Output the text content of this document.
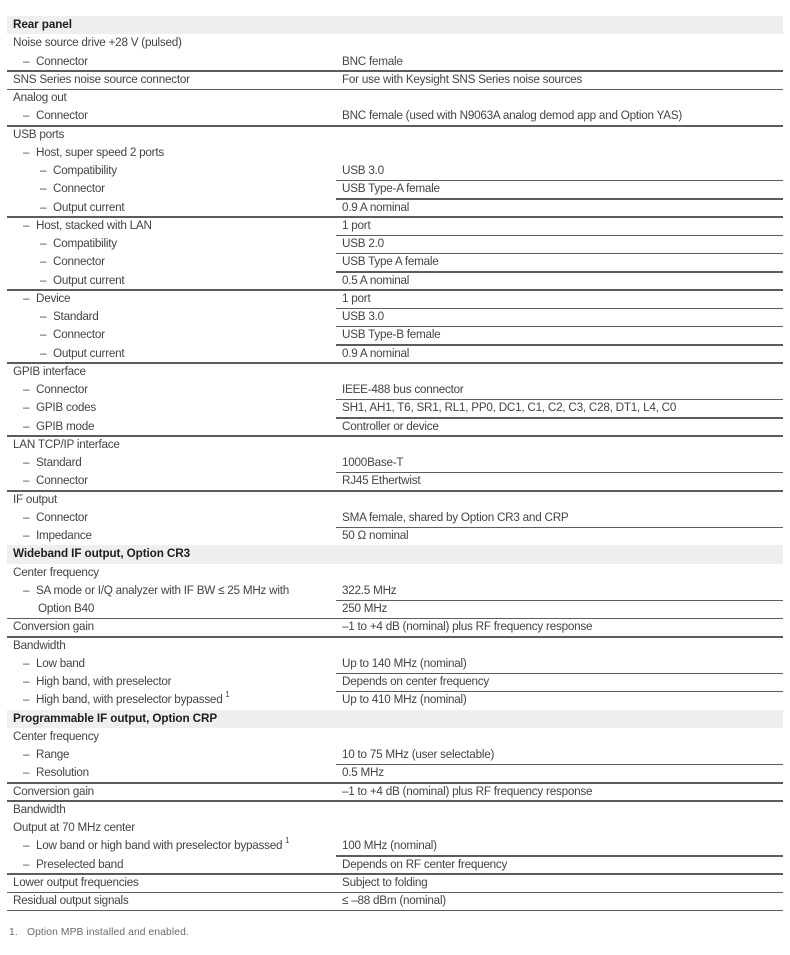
Rear panel
Noise source drive +28 V (pulsed)
– Connector	BNC female
SNS Series noise source connector	For use with Keysight SNS Series noise sources
Analog out
– Connector	BNC female (used with N9063A analog demod app and Option YAS)
USB ports
– Host, super speed 2 ports
– Compatibility	USB 3.0
– Connector	USB Type-A female
– Output current	0.9 A nominal
– Host, stacked with LAN	1 port
– Compatibility	USB 2.0
– Connector	USB Type A female
– Output current	0.5 A nominal
– Device	1 port
– Standard	USB 3.0
– Connector	USB Type-B female
– Output current	0.9 A nominal
GPIB interface
– Connector	IEEE-488 bus connector
– GPIB codes	SH1, AH1, T6, SR1, RL1, PP0, DC1, C1, C2, C3, C28, DT1, L4, C0
– GPIB mode	Controller or device
LAN TCP/IP interface
– Standard	1000Base-T
– Connector	RJ45 Ethertwist
IF output
– Connector	SMA female, shared by Option CR3 and CRP
– Impedance	50 Ω nominal
Wideband IF output, Option CR3
Center frequency
– SA mode or I/Q analyzer with IF BW ≤ 25 MHz with	322.5 MHz
Option B40	250 MHz
Conversion gain	–1 to +4 dB (nominal) plus RF frequency response
Bandwidth
– Low band	Up to 140 MHz (nominal)
– High band, with preselector	Depends on center frequency
– High band, with preselector bypassed $^1$	Up to 410 MHz (nominal)
Programmable IF output, Option CRP
Center frequency
– Range	10 to 75 MHz (user selectable)
– Resolution	0.5 MHz
Conversion gain	–1 to +4 dB (nominal) plus RF frequency response
Bandwidth
Output at 70 MHz center
– Low band or high band with preselector bypassed $^1$	100 MHz (nominal)
– Preselected band	Depends on RF center frequency
Lower output frequencies	Subject to folding
Residual output signals	≤ –88 dBm (nominal)
1. Option MPB installed and enabled.
